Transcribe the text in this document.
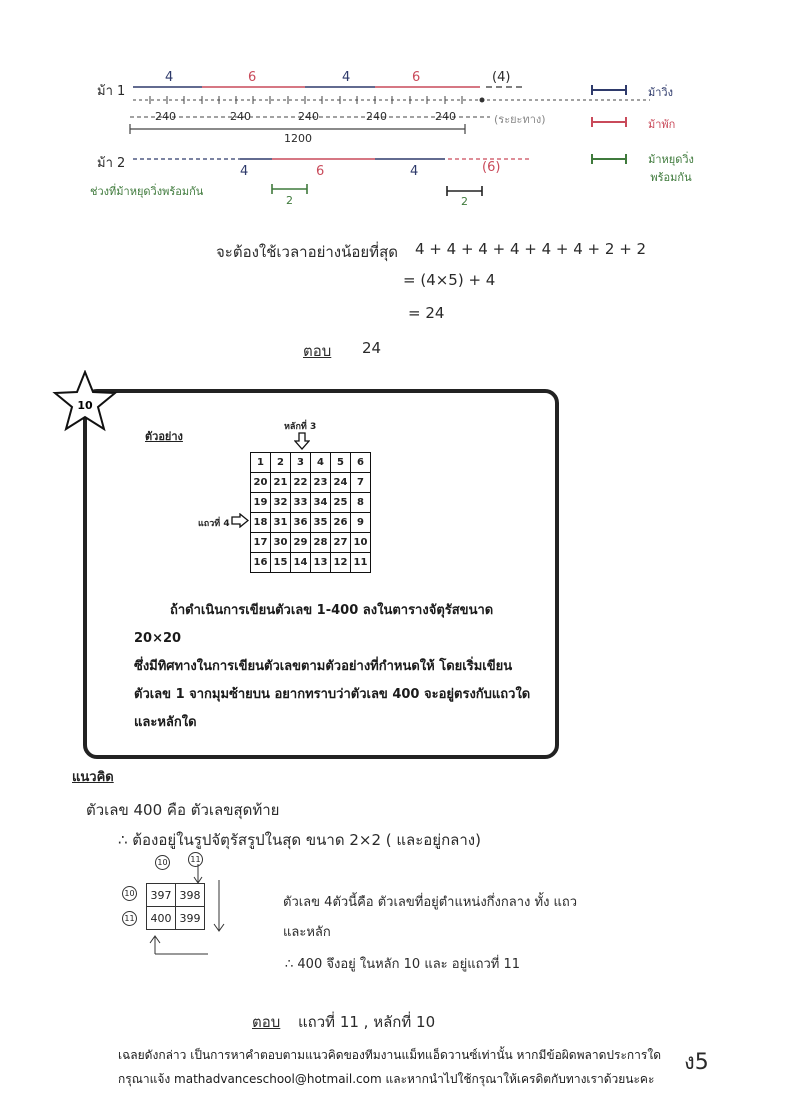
ม้า 1
4	6	4	6	(4)
240	240	240	240	240	(ระยะทาง)
1200
ม้า 2
4	6	4	(6)
ช่วงที่ม้าหยุดวิ่งพร้อมกัน
2	2
ม้าวิ่ง
ม้าพัก
ม้าหยุดวิ่ง
พร้อมกัน
จะต้องใช้เวลาอย่างน้อยที่สุด 4 + 4 + 4 + 4 + 4 + 4 + 2 + 2
= (4×5) + 4
= 24
ตอบ 24
10
ตัวอย่าง
หลักที่ 3
แถวที่ 4
1	2	3	4	5	6
20	21	22	23	24	7
19	32	33	34	25	8
18	31	36	35	26	9
17	30	29	28	27	10
16	15	14	13	12	11

ถ้าดำเนินการเขียนตัวเลข 1-400 ลงในตารางจัตุรัสขนาด 20×20

ซึ่งมีทิศทางในการเขียนตัวเลขตามตัวอย่างที่กำหนดให้ โดยเริ่มเขียน

ตัวเลข 1 จากมุมซ้ายบน อยากทราบว่าตัวเลข 400 จะอยู่ตรงกับแถวใด

และหลักใด

แนวคิด
ตัวเลข 400 คือ ตัวเลขสุดท้าย
∴ ต้องอยู่ในรูปจัตุรัสรูปในสุด ขนาด 2×2 ( และอยู่กลาง)
10	11
10
11
397	398
400	399
ตัวเลข 4ตัวนี้คือ ตัวเลขที่อยู่ตำแหน่งกึ่งกลาง ทั้ง แถว
และหลัก
∴ 400 จึงอยู่ ในหลัก 10 และ อยู่แถวที่ 11
ตอบ แถวที่ 11 , หลักที่ 10

เฉลยดังกล่าว เป็นการหาคำตอบตามแนวคิดของทีมงานแม็ทแอ็ดวานซ์เท่านั้น หากมีข้อผิดพลาดประการใด

กรุณาแจ้ง mathadvanceschool@hotmail.com และหากนำไปใช้กรุณาให้เครดิตกับทางเราด้วยนะคะ

ง5
